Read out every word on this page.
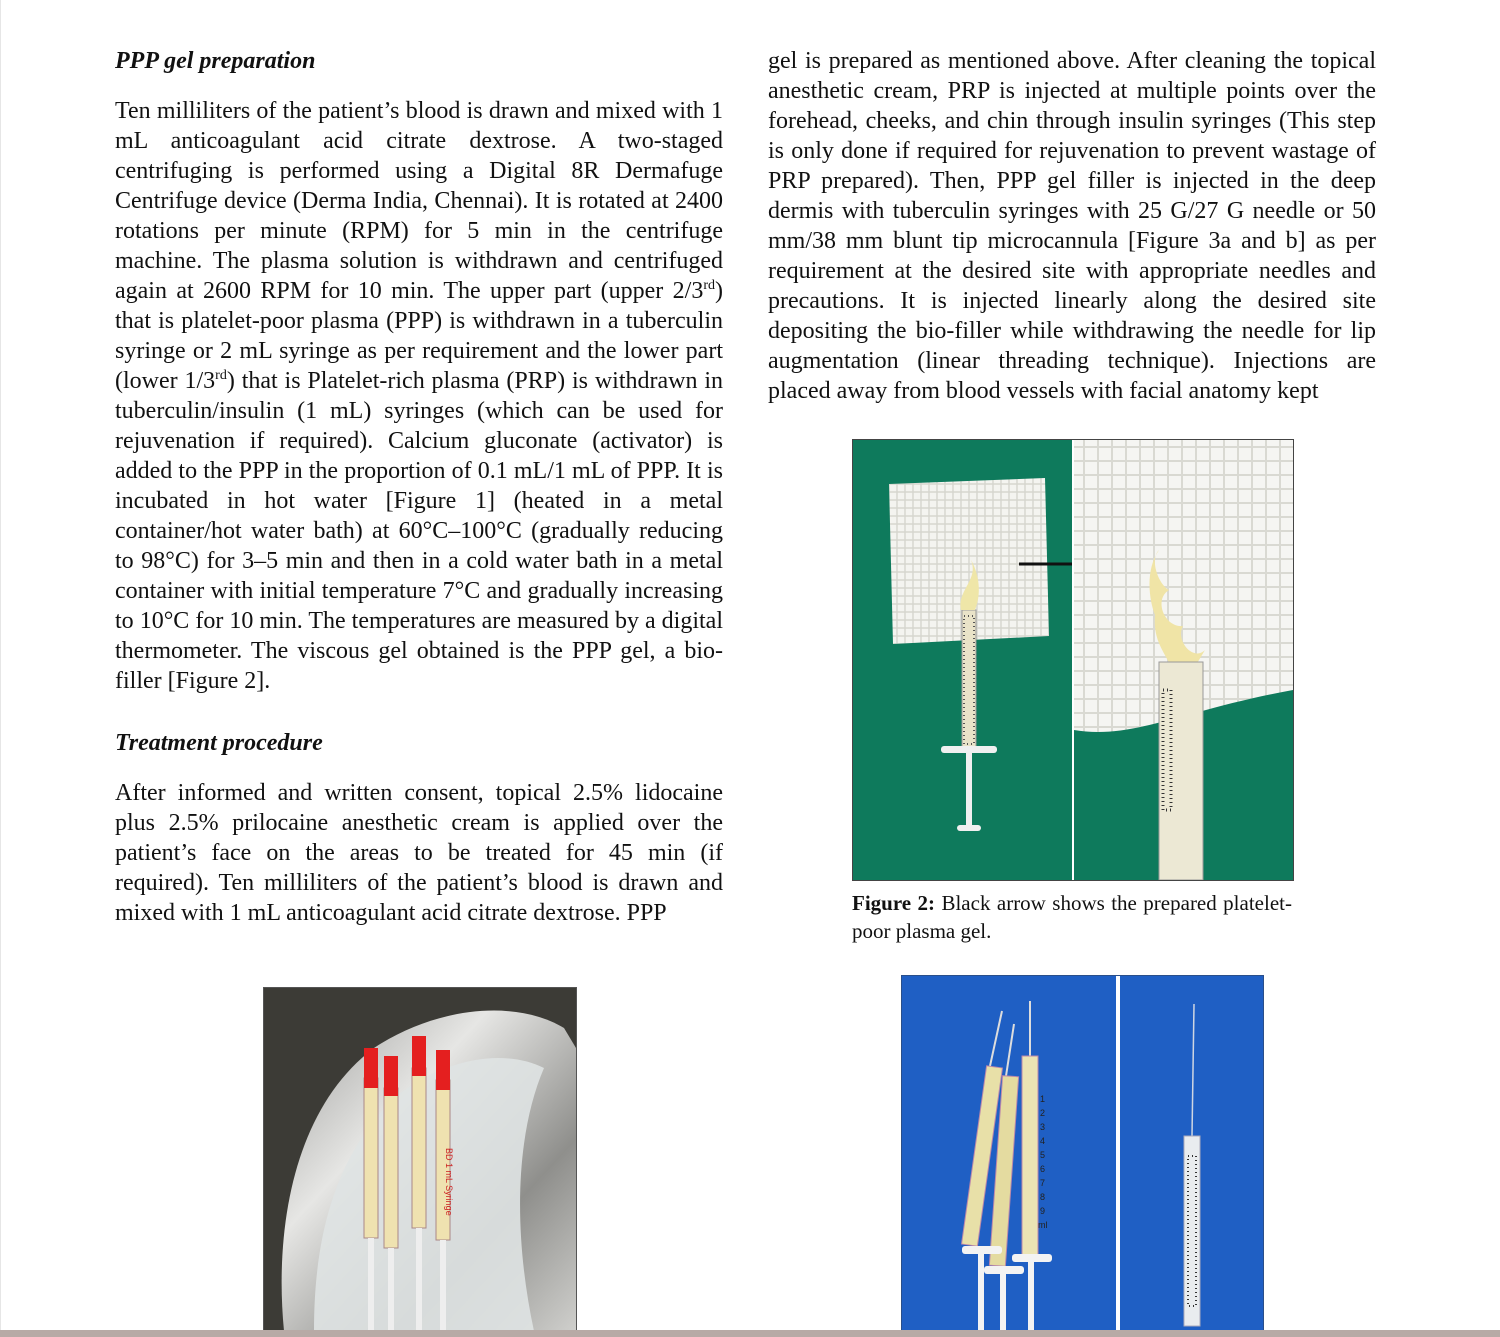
PPP gel preparation

Ten milliliters of the patient’s blood is drawn and mixed with 1 mL anticoagulant acid citrate dextrose. A two-staged centrifuging is performed using a Digital 8R Dermafuge Centrifuge device (Derma India, Chennai). It is rotated at 2400 rotations per minute (RPM) for 5 min in the centrifuge machine. The plasma solution is withdrawn and centrifuged again at 2600 RPM for 10 min. The upper part (upper 2/3rd) that is platelet-poor plasma (PPP) is withdrawn in a tuberculin syringe or 2 mL syringe as per requirement and the lower part (lower 1/3rd) that is Platelet-rich plasma (PRP) is withdrawn in tuberculin/insulin (1 mL) syringes (which can be used for rejuvenation if required). Calcium gluconate (activator) is added to the PPP in the proportion of 0.1 mL/1 mL of PPP. It is incubated in hot water [Figure 1] (heated in a metal container/hot water bath) at 60°C–100°C (gradually reducing to 98°C) for 3–5 min and then in a cold water bath in a metal container with initial temperature 7°C and gradually increasing to 10°C for 10 min. The temperatures are measured by a digital thermometer. The viscous gel obtained is the PPP gel, a bio-filler [Figure 2].

Treatment procedure

After informed and written consent, topical 2.5% lidocaine plus 2.5% prilocaine anesthetic cream is applied over the patient’s face on the areas to be treated for 45 min (if required). Ten milliliters of the patient’s blood is drawn and mixed with 1 mL anticoagulant acid citrate dextrose. PPP

gel is prepared as mentioned above. After cleaning the topical anesthetic cream, PRP is injected at multiple points over the forehead, cheeks, and chin through insulin syringes (This step is only done if required for rejuvenation to prevent wastage of PRP prepared). Then, PPP gel filler is injected in the deep dermis with tuberculin syringes with 25 G/27 G needle or 50 mm/38 mm blunt tip microcannula [Figure 3a and b] as per requirement at the desired site with appropriate needles and precautions. It is injected linearly along the desired site depositing the bio-filler while withdrawing the needle for lip augmentation (linear threading technique). Injections are placed away from blood vessels with facial anatomy kept

Figure 2: Black arrow shows the prepared platelet-poor plasma gel.
BD 1 mL Syringe
1
2
3
4
5
6
7
8
9
ml
